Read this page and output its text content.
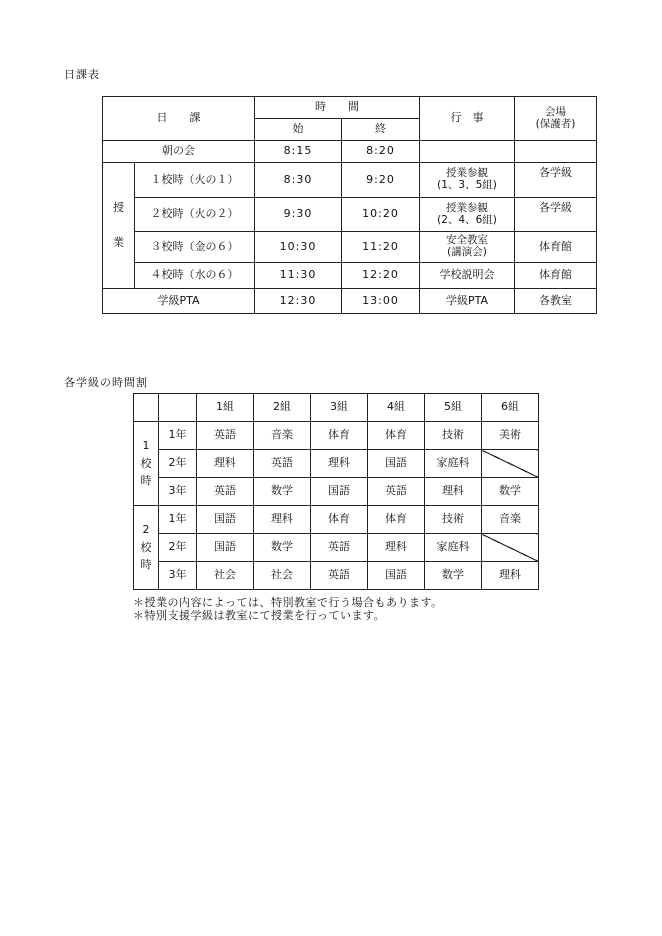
日課表
日　　課		時　　間		行　事	会場
(保護者)
		始	終		
朝の会		8:15	8:20		
授

業	１校時（火の１）	8:30	9:20	授業参観
(1、3、5組)	各学級
	２校時（火の２）	9:30	10:20	授業参観
(2、4、6組)	各学級
	３校時（金の６）	10:30	11:20	安全教室
(講演会)	体育館
	４校時（水の６）	11:30	12:20	学校説明会	体育館
学級PTA		12:30	13:00	学級PTA	各教室
各学級の時間割
		1組	2組	3組	4組	5組	6組
1
校
時	1年	英語	音楽	体育	体育	技術	美術
	2年	理科	英語	理科	国語	家庭科	
	3年	英語	数学	国語	英語	理科	数学
2
校
時	1年	国語	理科	体育	体育	技術	音楽
	2年	国語	数学	英語	理科	家庭科	
	3年	社会	社会	英語	国語	数学	理科
＊授業の内容によっては、特別教室で行う場合もあります。
＊特別支援学級は教室にて授業を行っています。
